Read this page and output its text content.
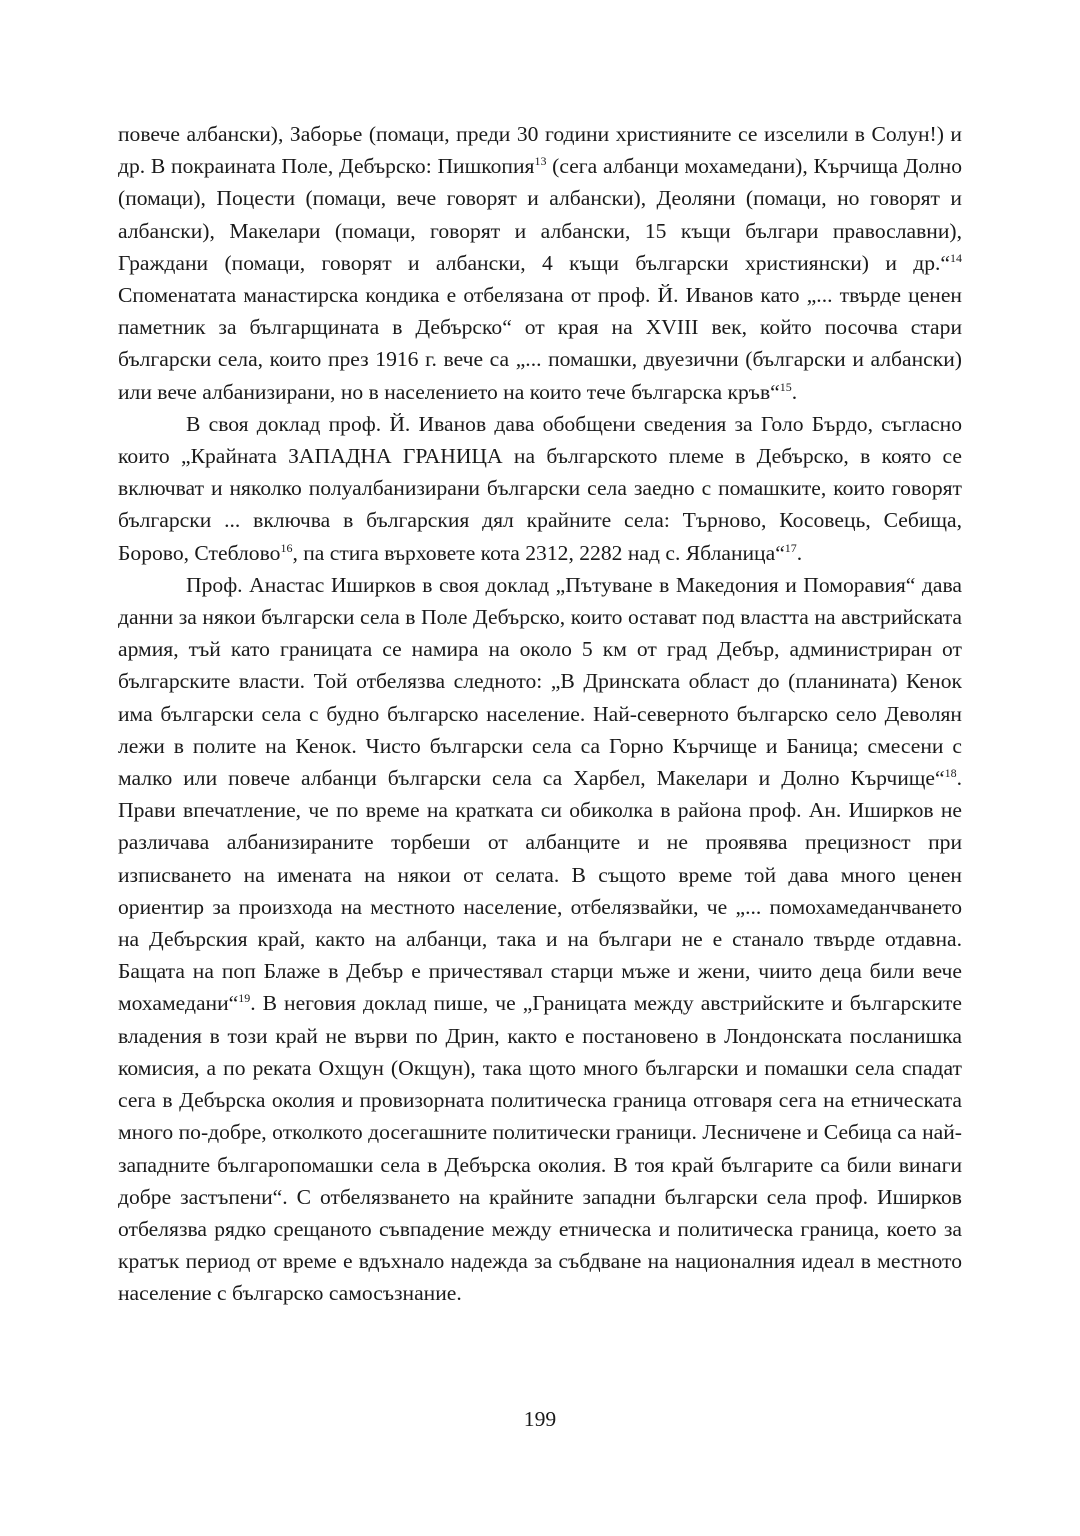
повече албански), Заборье (помаци, преди 30 години християните се изселили в Солун!) и др. В покраината Поле, Дебърско: Пишкопия$^{13}$ (сега албанци мохамедани), Кърчища Долно (помаци), Поцести (помаци, вече говорят и албански), Деоляни (помаци, но говорят и албански), Макелари (помаци, говорят и албански, 15 къщи българи православни), Граждани (помаци, говорят и албански, 4 къщи български християнски) и др.“$^{14}$ Споменатата манастирска кондика е отбелязана от проф. Й. Иванов като „... твърде ценен паметник за българщината в Дебърско“ от края на XVIII век, който посочва стари български села, които през 1916 г. вече са „... помашки, двуезични (български и албански) или вече албанизирани, но в населението на които тече българска кръв“$^{15}$.

В своя доклад проф. Й. Иванов дава обобщени сведения за Голо Бърдо, съгласно които „Крайната ЗАПАДНА ГРАНИЦА на българското племе в Дебърско, в която се включват и няколко полуалбанизирани български села заедно с помашките, които говорят български ... включва в българския дял крайните села: Търново, Косовець, Себища, Борово, Стеблово$^{16}$, па стига върховете кота 2312, 2282 над с. Ябланица“$^{17}$.

Проф. Анастас Иширков в своя доклад „Пътуване в Македония и Поморавия“ дава данни за някои български села в Поле Дебърско, които остават под властта на австрийската армия, тъй като границата се намира на около 5 км от град Дебър, администриран от българските власти. Той отбелязва следното: „В Дринската област до (планината) Кенок има български села с будно българско население. Най-северното българско село Деволян лежи в полите на Кенок. Чисто български села са Горно Кърчище и Баница; смесени с малко или повече албанци български села са Харбел, Макелари и Долно Кърчище“$^{18}$. Прави впечатление, че по време на кратката си обиколка в района проф. Ан. Иширков не различава албанизираните торбеши от албанците и не проявява прецизност при изписването на имената на някои от селата. В същото време той дава много ценен ориентир за произхода на местното население, отбелязвайки, че „... помохамеданчването на Дебърския край, както на албанци, така и на българи не е станало твърде отдавна. Бащата на поп Блаже в Дебър е причестявал старци мъже и жени, чиито деца били вече мохамедани“$^{19}$. В неговия доклад пише, че „Границата между австрийските и българските владения в този край не върви по Дрин, както е постановено в Лондонската посланишка комисия, а по реката Охщун (Окщун), така щото много български и помашки села спадат сега в Дебърска околия и провизорната политическа граница отговаря сега на етническата много по-добре, отколкото досегашните политически граници. Лесничене и Себица са най-западните българопомашки села в Дебърска околия. В тоя край българите са били винаги добре застъпени“. С отбелязването на крайните западни български села проф. Иширков отбелязва рядко срещаното съвпадение между етническа и политическа граница, което за кратък период от време е вдъхнало надежда за събдване на националния идеал в местното население с българско самосъзнание.

199
